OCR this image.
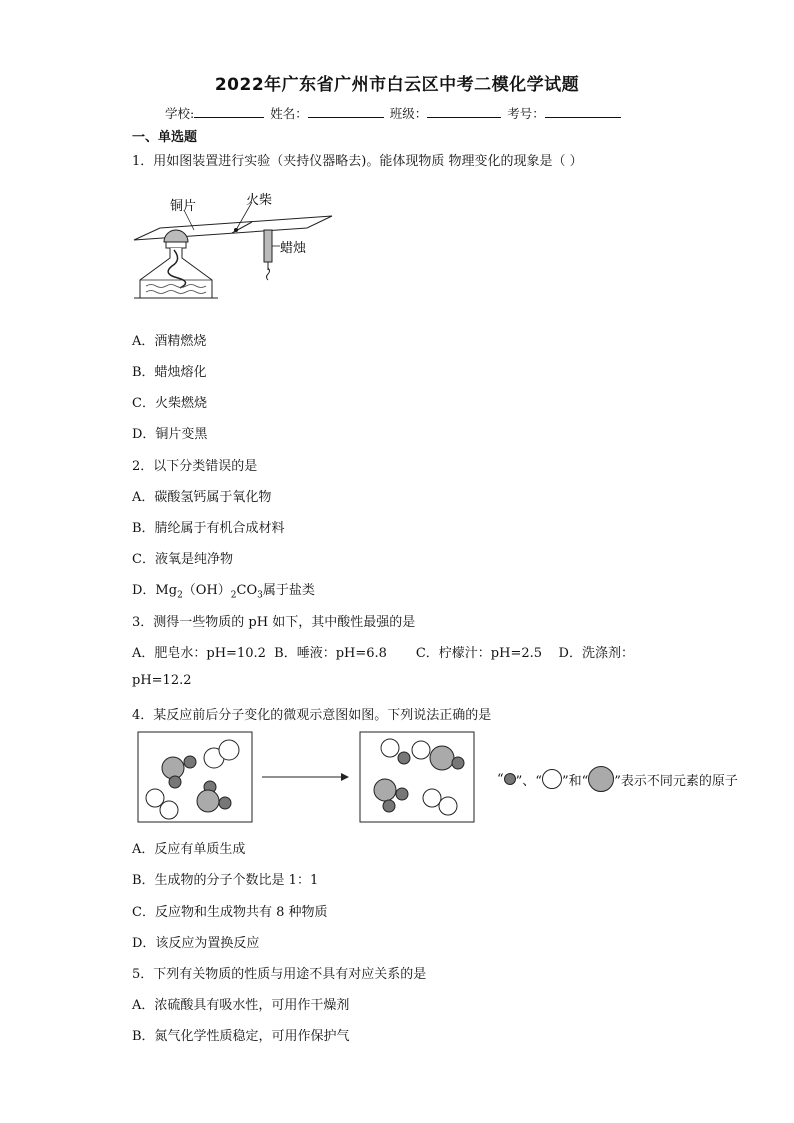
2022年广东省广州市白云区中考二模化学试题
学校:	姓名：	班级：	考号：
一、单选题
1．用如图装置进行实验（夹持仪器略去)。能体现物质 物理变化的现象是（ ）
铜片	火柴
蜡烛
A．酒精燃烧
B．蜡烛熔化
C．火柴燃烧
D．铜片变黑
2．以下分类错误的是
A．碳酸氢钙属于氧化物
B．腈纶属于有机合成材料
C．液氧是纯净物
D．$Mg_2(OH)_2CO_3$属于盐类
3．测得一些物质的 pH 如下，其中酸性最强的是
A．肥皂水：pH=10.2  B．唾液：pH=6.8       C．柠檬汁：pH=2.5    D．洗涤剂：
pH=12.2
4．某反应前后分子变化的微观示意图如图。下列说法正确的是
“ ”、“ ”和“ ”表示不同元素的原子
A．反应有单质生成
B．生成物的分子个数比是 1：1
C．反应物和生成物共有 8 种物质
D．该反应为置换反应
5．下列有关物质的性质与用途不具有对应关系的是
A．浓硫酸具有吸水性，可用作干燥剂
B．氮气化学性质稳定，可用作保护气
